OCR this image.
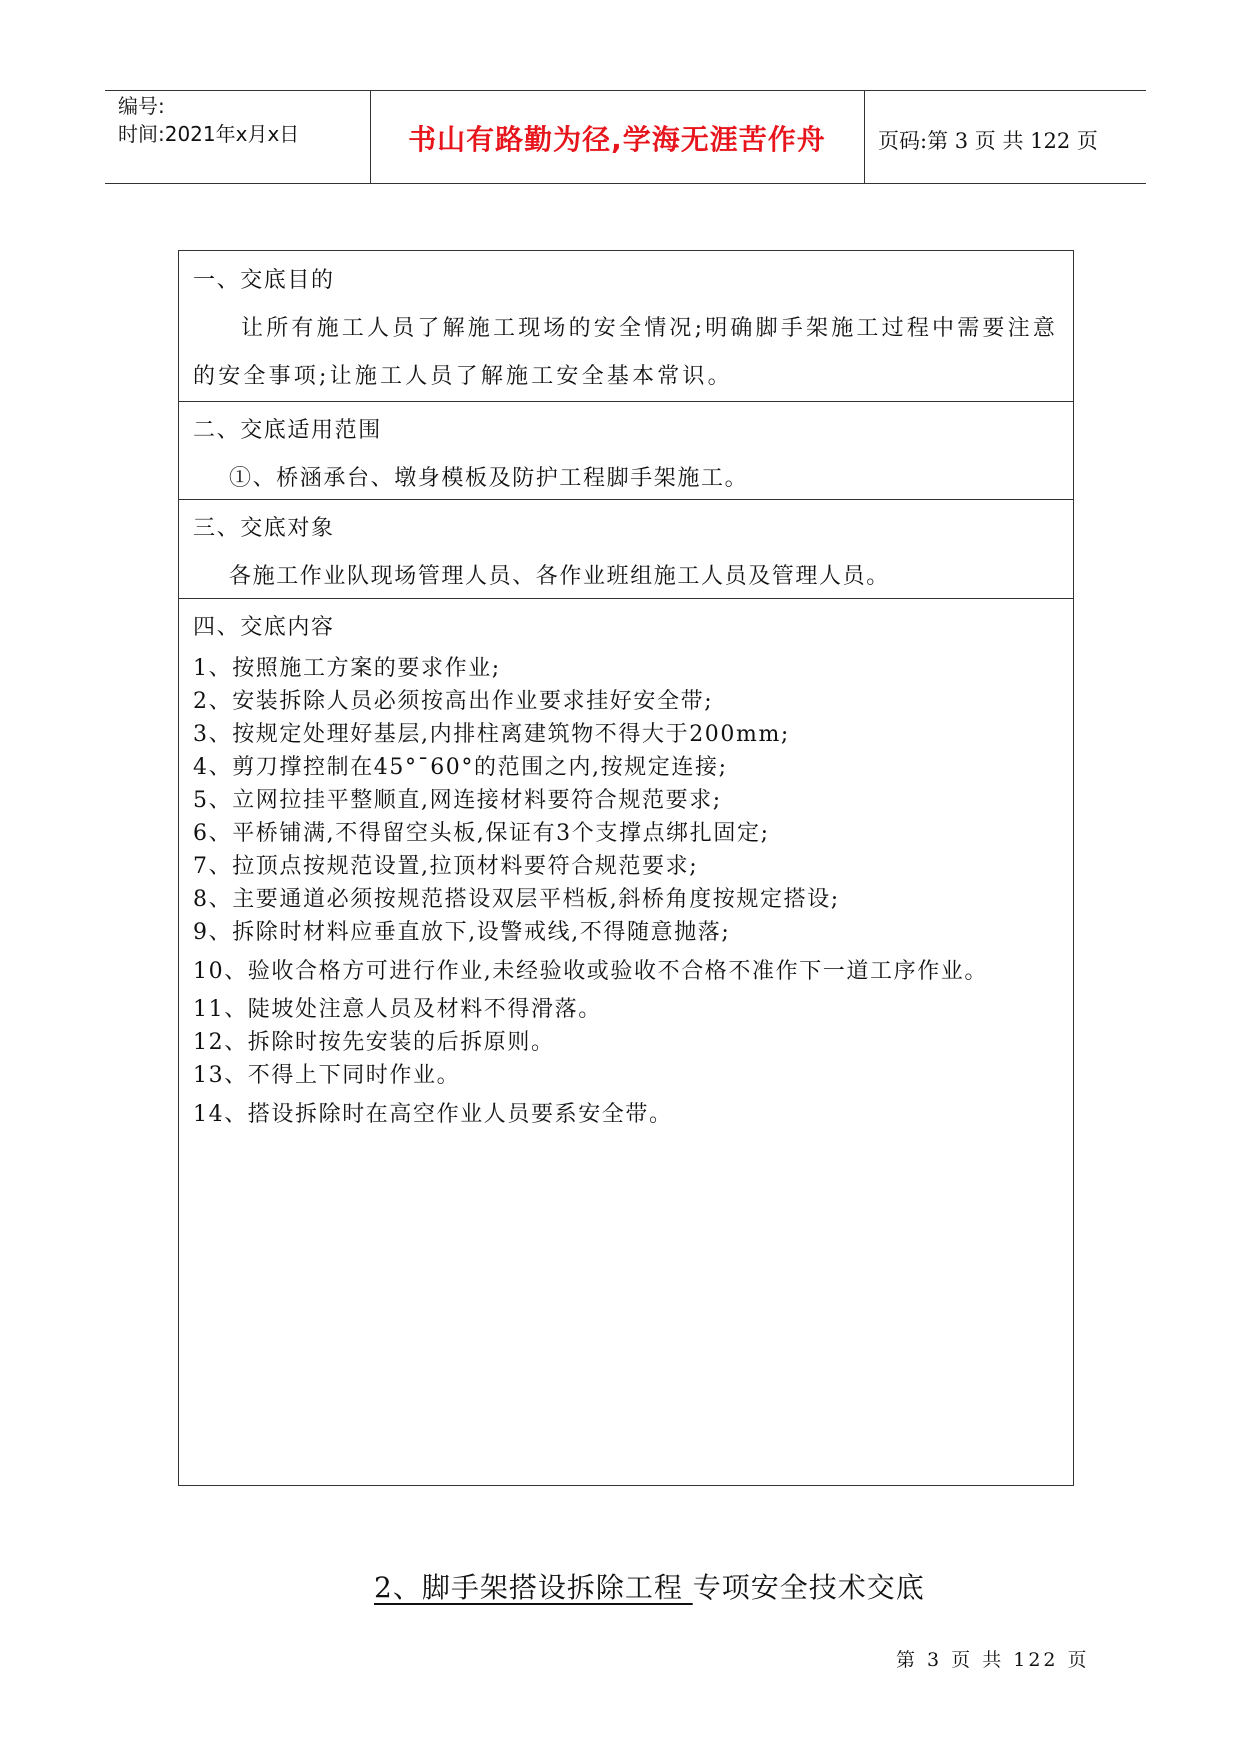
编号:
时间:2021年x月x日	书山有路勤为径,学海无涯苦作舟	页码:第 3 页 共 122 页
一、交底目的
让所有施工人员了解施工现场的安全情况;明确脚手架施工过程中需要注意
的安全事项;让施工人员了解施工安全基本常识。
二、交底适用范围
①、桥涵承台、墩身模板及防护工程脚手架施工。
三、交底对象
各施工作业队现场管理人员、各作业班组施工人员及管理人员。
四、交底内容
1、按照施工方案的要求作业;
2、安装拆除人员必须按高出作业要求挂好安全带;
3、按规定处理好基层,内排柱离建筑物不得大于200mm;
4、剪刀撑控制在45°¯60°的范围之内,按规定连接;
5、立网拉挂平整顺直,网连接材料要符合规范要求;
6、平桥铺满,不得留空头板,保证有3个支撑点绑扎固定;
7、拉顶点按规范设置,拉顶材料要符合规范要求;
8、主要通道必须按规范搭设双层平档板,斜桥角度按规定搭设;
9、拆除时材料应垂直放下,设警戒线,不得随意抛落;
10、验收合格方可进行作业,未经验收或验收不合格不准作下一道工序作业。
11、陡坡处注意人员及材料不得滑落。
12、拆除时按先安装的后拆原则。
13、不得上下同时作业。
14、搭设拆除时在高空作业人员要系安全带。
2、脚手架搭设拆除工程 专项安全技术交底
第 3 页 共 122 页
